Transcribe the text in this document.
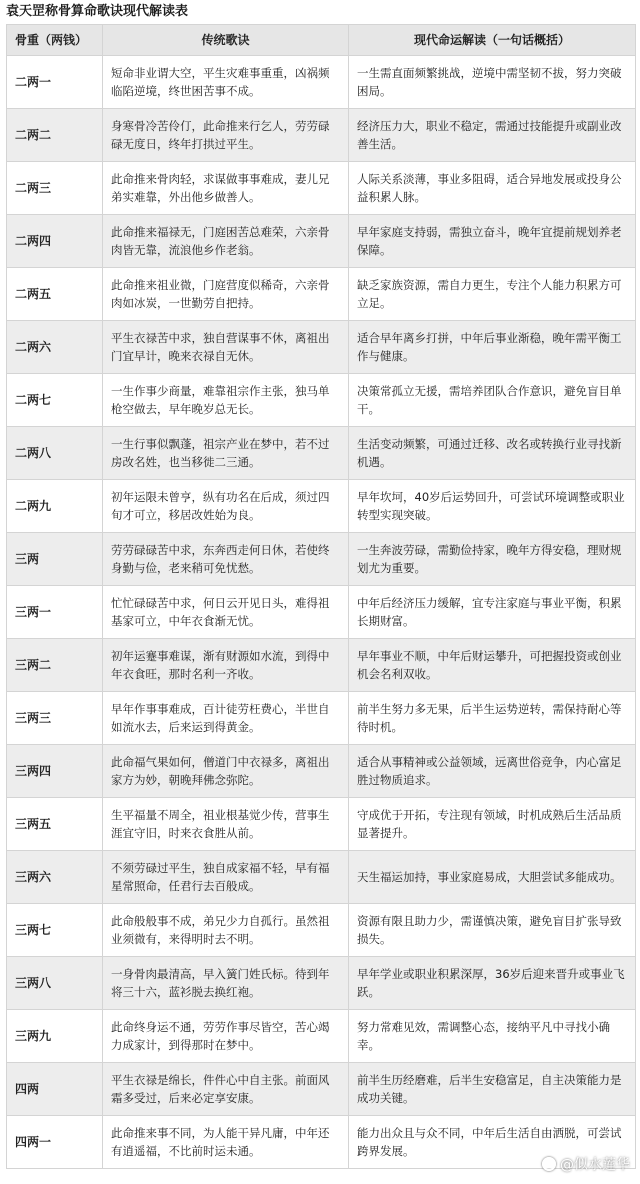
袁天罡称骨算命歌诀现代解读表
骨重（两钱）	传统歌诀	现代命运解读（一句话概括）
二两一	短命非业谓大空，平生灾难事重重，凶祸频临陷逆境，终世困苦事不成。	一生需直面频繁挑战，逆境中需坚韧不拔，努力突破困局。
二两二	身寒骨冷苦伶仃，此命推来行乞人，劳劳碌碌无度日，终年打拱过平生。	经济压力大，职业不稳定，需通过技能提升或副业改善生活。
二两三	此命推来骨肉轻，求谋做事事难成，妻儿兄弟实难靠，外出他乡做善人。	人际关系淡薄，事业多阻碍，适合异地发展或投身公益积累人脉。
二两四	此命推来福禄无，门庭困苦总难荣，六亲骨肉皆无靠，流浪他乡作老翁。	早年家庭支持弱，需独立奋斗，晚年宜提前规划养老保障。
二两五	此命推来祖业微，门庭营度似稀奇，六亲骨肉如冰炭，一世勤劳自把持。	缺乏家族资源，需自力更生，专注个人能力积累方可立足。
二两六	平生衣禄苦中求，独自营谋事不休，离祖出门宜早计，晚来衣禄自无休。	适合早年离乡打拼，中年后事业渐稳，晚年需平衡工作与健康。
二两七	一生作事少商量，难靠祖宗作主张，独马单枪空做去，早年晚岁总无长。	决策常孤立无援，需培养团队合作意识，避免盲目单干。
二两八	一生行事似飘蓬，祖宗产业在梦中，若不过房改名姓，也当移徙二三通。	生活变动频繁，可通过迁移、改名或转换行业寻找新机遇。
二两九	初年运限未曾亨，纵有功名在后成，须过四旬才可立，移居改姓始为良。	早年坎坷，40岁后运势回升，可尝试环境调整或职业转型实现突破。
三两	劳劳碌碌苦中求，东奔西走何日休，若使终身勤与俭，老来稍可免忧愁。	一生奔波劳碌，需勤俭持家，晚年方得安稳，理财规划尤为重要。
三两一	忙忙碌碌苦中求，何日云开见日头，难得祖基家可立，中年衣食渐无忧。	中年后经济压力缓解，宜专注家庭与事业平衡，积累长期财富。
三两二	初年运蹇事难谋，渐有财源如水流，到得中年衣食旺，那时名利一齐收。	早年事业不顺，中年后财运攀升，可把握投资或创业机会名利双收。
三两三	早年作事事难成，百计徒劳枉费心，半世自如流水去，后来运到得黄金。	前半生努力多无果，后半生运势逆转，需保持耐心等待时机。
三两四	此命福气果如何，僧道门中衣禄多，离祖出家方为妙，朝晚拜佛念弥陀。	适合从事精神或公益领域，远离世俗竞争，内心富足胜过物质追求。
三两五	生平福量不周全，祖业根基觉少传，营事生涯宜守旧，时来衣食胜从前。	守成优于开拓，专注现有领域，时机成熟后生活品质显著提升。
三两六	不须劳碌过平生，独自成家福不轻，早有福星常照命，任君行去百般成。	天生福运加持，事业家庭易成，大胆尝试多能成功。
三两七	此命般般事不成，弟兄少力自孤行。虽然祖业须微有，来得明时去不明。	资源有限且助力少，需谨慎决策，避免盲目扩张导致损失。
三两八	一身骨肉最清高，早入簧门姓氏标。待到年将三十六，蓝衫脱去换红袍。	早年学业或职业积累深厚，36岁后迎来晋升或事业飞跃。
三两九	此命终身运不通，劳劳作事尽皆空，苦心竭力成家计，到得那时在梦中。	努力常难见效，需调整心态，接纳平凡中寻找小确幸。
四两	平生衣禄是绵长，件件心中自主张。前面风霜多受过，后来必定享安康。	前半生历经磨难，后半生安稳富足，自主决策能力是成功关键。
四两一	此命推来事不同，为人能干异凡庸，中年还有逍遥福，不比前时运未通。	能力出众且与众不同，中年后生活自由洒脱，可尝试跨界发展。
@似水莲华
